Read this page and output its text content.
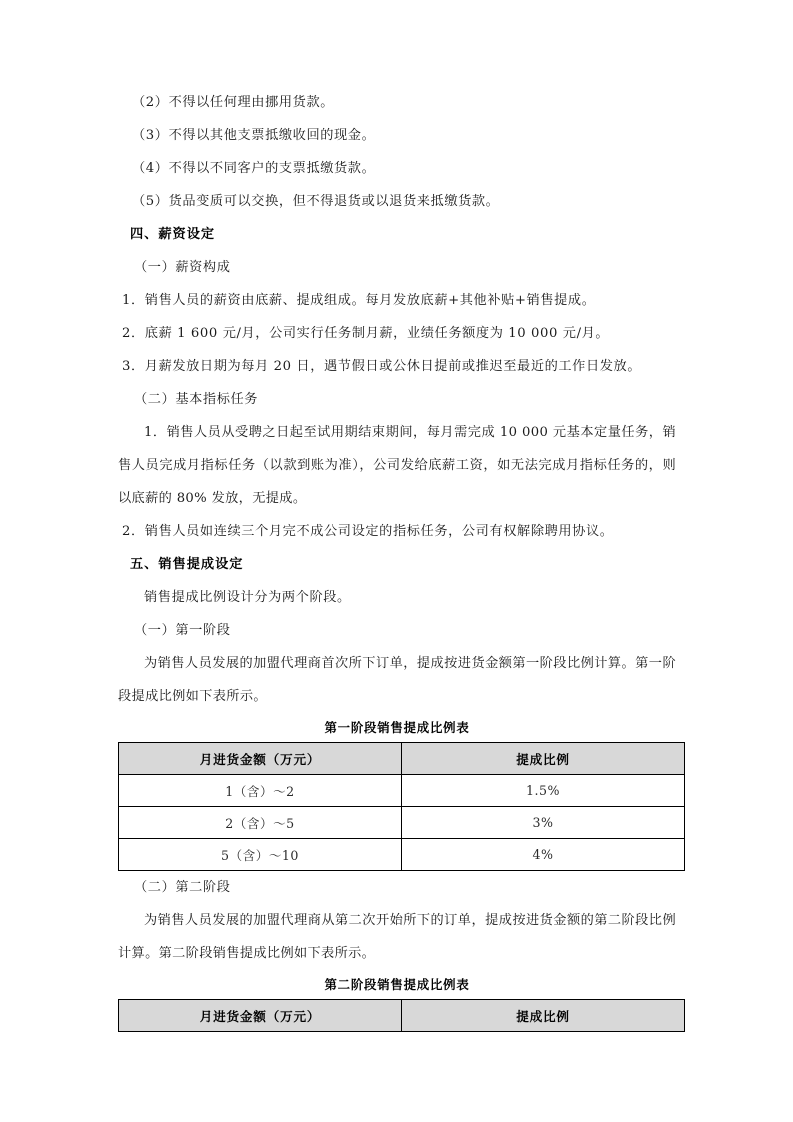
（2）不得以任何理由挪用货款。

（3）不得以其他支票抵缴收回的现金。

（4）不得以不同客户的支票抵缴货款。

（5）货品变质可以交换，但不得退货或以退货来抵缴货款。

四、薪资设定

（一）薪资构成

1．销售人员的薪资由底薪、提成组成。每月发放底薪+其他补贴+销售提成。

2．底薪 1 600 元/月，公司实行任务制月薪，业绩任务额度为 10 000 元/月。

3．月薪发放日期为每月 20 日，遇节假日或公休日提前或推迟至最近的工作日发放。

（二）基本指标任务

1．销售人员从受聘之日起至试用期结束期间，每月需完成 10 000 元基本定量任务，销售人员完成月指标任务（以款到账为准），公司发给底薪工资，如无法完成月指标任务的，则以底薪的 80% 发放，无提成。

2．销售人员如连续三个月完不成公司设定的指标任务，公司有权解除聘用协议。

五、销售提成设定

销售提成比例设计分为两个阶段。

（一）第一阶段

为销售人员发展的加盟代理商首次所下订单，提成按进货金额第一阶段比例计算。第一阶段提成比例如下表所示。

第一阶段销售提成比例表
月进货金额（万元）	提成比例
1（含）～2	1.5%
2（含）～5	3%
5（含）～10	4%

（二）第二阶段

为销售人员发展的加盟代理商从第二次开始所下的订单，提成按进货金额的第二阶段比例计算。第二阶段销售提成比例如下表所示。

第二阶段销售提成比例表
月进货金额（万元）	提成比例
